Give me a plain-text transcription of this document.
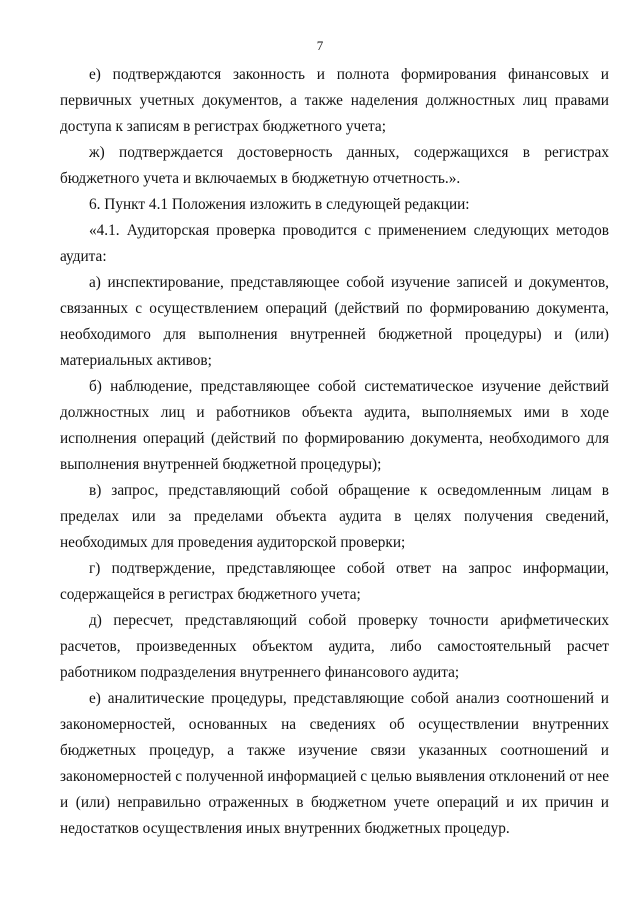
7

е) подтверждаются законность и полнота формирования финансовых и первичных учетных документов, а также наделения должностных лиц правами доступа к записям в регистрах бюджетного учета;

ж) подтверждается достоверность данных, содержащихся в регистрах бюджетного учета и включаемых в бюджетную отчетность.».

6. Пункт 4.1 Положения изложить в следующей редакции:

«4.1. Аудиторская проверка проводится с применением следующих методов аудита:

а) инспектирование, представляющее собой изучение записей и документов, связанных с осуществлением операций (действий по формированию документа, необходимого для выполнения внутренней бюджетной процедуры) и (или) материальных активов;

б) наблюдение, представляющее собой систематическое изучение действий должностных лиц и работников объекта аудита, выполняемых ими в ходе исполнения операций (действий по формированию документа, необходимого для выполнения внутренней бюджетной процедуры);

в) запрос, представляющий собой обращение к осведомленным лицам в пределах или за пределами объекта аудита в целях получения сведений, необходимых для проведения аудиторской проверки;

г) подтверждение, представляющее собой ответ на запрос информации, содержащейся в регистрах бюджетного учета;

д) пересчет, представляющий собой проверку точности арифметических расчетов, произведенных объектом аудита, либо самостоятельный расчет работником подразделения внутреннего финансового аудита;

е) аналитические процедуры, представляющие собой анализ соотношений и закономерностей, основанных на сведениях об осуществлении внутренних бюджетных процедур, а также изучение связи указанных соотношений и закономерностей с полученной информацией с целью выявления отклонений от нее и (или) неправильно отраженных в бюджетном учете операций и их причин и недостатков осуществления иных внутренних бюджетных процедур.
